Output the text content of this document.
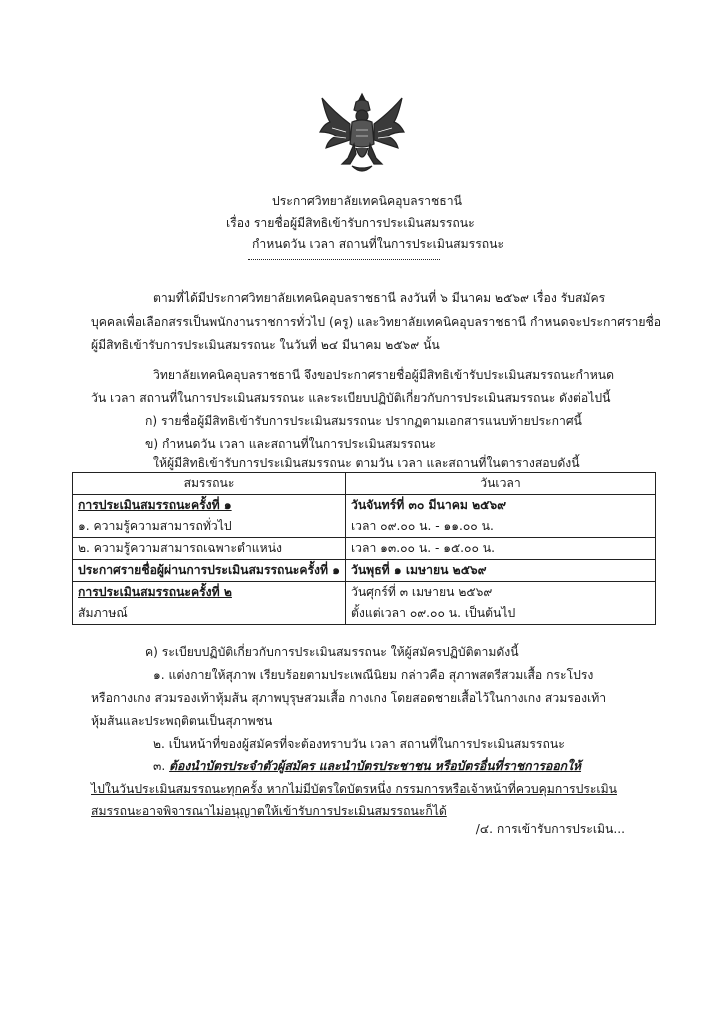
ประกาศวิทยาลัยเทคนิคอุบลราชธานี
เรื่อง รายชื่อผู้มีสิทธิเข้ารับการประเมินสมรรถนะ
กำหนดวัน เวลา สถานที่ในการประเมินสมรรถนะ
ตามที่ได้มีประกาศวิทยาลัยเทคนิคอุบลราชธานี ลงวันที่ ๖ มีนาคม ๒๕๖๙ เรื่อง รับสมัคร
บุคคลเพื่อเลือกสรรเป็นพนักงานราชการทั่วไป (ครู) และวิทยาลัยเทคนิคอุบลราชธานี กำหนดจะประกาศรายชื่อ
ผู้มีสิทธิเข้ารับการประเมินสมรรถนะ ในวันที่ ๒๔ มีนาคม ๒๕๖๙ นั้น
วิทยาลัยเทคนิคอุบลราชธานี จึงขอประกาศรายชื่อผู้มีสิทธิเข้ารับประเมินสมรรถนะกำหนด
วัน เวลา สถานที่ในการประเมินสมรรถนะ และระเบียบปฏิบัติเกี่ยวกับการประเมินสมรรถนะ ดังต่อไปนี้
ก) รายชื่อผู้มีสิทธิเข้ารับการประเมินสมรรถนะ ปรากฏตามเอกสารแนบท้ายประกาศนี้
ข) กำหนดวัน เวลา และสถานที่ในการประเมินสมรรถนะ
ให้ผู้มีสิทธิเข้ารับการประเมินสมรรถนะ ตามวัน เวลา และสถานที่ในตารางสอบดังนี้
สมรรถนะ	วันเวลา
การประเมินสมรรถนะครั้งที่ ๑	วันจันทร์ที่ ๓๐ มีนาคม ๒๕๖๙
๑. ความรู้ความสามารถทั่วไป	เวลา ๐๙.๐๐ น. - ๑๑.๐๐ น.
๒. ความรู้ความสามารถเฉพาะตำแหน่ง	เวลา ๑๓.๐๐ น. - ๑๕.๐๐ น.
ประกาศรายชื่อผู้ผ่านการประเมินสมรรถนะครั้งที่ ๑	วันพุธที่ ๑ เมษายน ๒๕๖๙
การประเมินสมรรถนะครั้งที่ ๒	วันศุกร์ที่ ๓ เมษายน ๒๕๖๙
สัมภาษณ์	ตั้งแต่เวลา ๐๙.๐๐ น. เป็นต้นไป
ค) ระเบียบปฏิบัติเกี่ยวกับการประเมินสมรรถนะ ให้ผู้สมัครปฏิบัติตามดังนี้
๑. แต่งกายให้สุภาพ เรียบร้อยตามประเพณีนิยม กล่าวคือ สุภาพสตรีสวมเสื้อ กระโปรง
หรือกางเกง สวมรองเท้าหุ้มส้น สุภาพบุรุษสวมเสื้อ กางเกง โดยสอดชายเสื้อไว้ในกางเกง สวมรองเท้า
หุ้มส้นและประพฤติตนเป็นสุภาพชน
๒. เป็นหน้าที่ของผู้สมัครที่จะต้องทราบวัน เวลา สถานที่ในการประเมินสมรรถนะ
๓. ต้องนำบัตรประจำตัวผู้สมัคร และนำบัตรประชาชน หรือบัตรอื่นที่ราชการออกให้
ไปในวันประเมินสมรรถนะทุกครั้ง หากไม่มีบัตรใดบัตรหนึ่ง กรรมการหรือเจ้าหน้าที่ควบคุมการประเมิน
สมรรถนะอาจพิจารณาไม่อนุญาตให้เข้ารับการประเมินสมรรถนะก็ได้
/๔. การเข้ารับการประเมิน...
